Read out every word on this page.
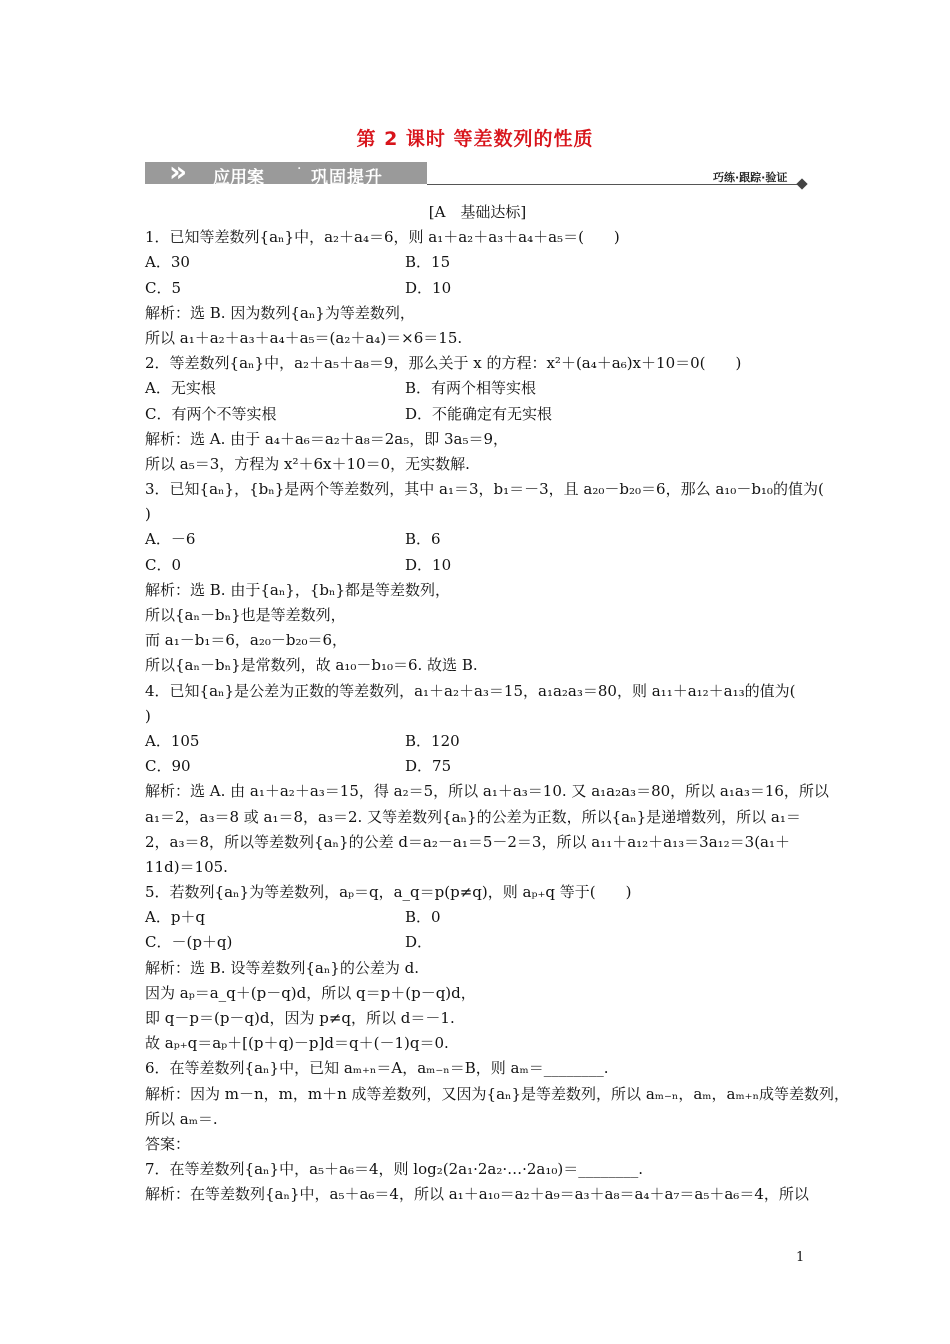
第 2 课时 等差数列的性质
» 应用案 · 巩固提升	巧练·跟踪·验证
[A　基础达标]
1．已知等差数列{aₙ}中，a₂＋a₄＝6，则 a₁＋a₂＋a₃＋a₄＋a₅＝(　　)
A．30	B．15
C．5	D．10
解析：选 B. 因为数列{aₙ}为等差数列，
所以 a₁＋a₂＋a₃＋a₄＋a₅＝(a₂＋a₄)＝×6＝15.
2．等差数列{aₙ}中，a₂＋a₅＋a₈＝9，那么关于 x 的方程：x²＋(a₄＋a₆)x＋10＝0(　　)
A．无实根	B．有两个相等实根
C．有两个不等实根	D．不能确定有无实根
解析：选 A. 由于 a₄＋a₆＝a₂＋a₈＝2a₅，即 3a₅＝9，
所以 a₅＝3，方程为 x²＋6x＋10＝0，无实数解.
3．已知{aₙ}，{bₙ}是两个等差数列，其中 a₁＝3，b₁＝－3，且 a₂₀－b₂₀＝6，那么 a₁₀－b₁₀的值为(
)
A．－6	B．6
C．0	D．10
解析：选 B. 由于{aₙ}，{bₙ}都是等差数列，
所以{aₙ－bₙ}也是等差数列，
而 a₁－b₁＝6，a₂₀－b₂₀＝6，
所以{aₙ－bₙ}是常数列，故 a₁₀－b₁₀＝6. 故选 B.
4．已知{aₙ}是公差为正数的等差数列，a₁＋a₂＋a₃＝15，a₁a₂a₃＝80，则 a₁₁＋a₁₂＋a₁₃的值为(
)
A．105	B．120
C．90	D．75
解析：选 A. 由 a₁＋a₂＋a₃＝15，得 a₂＝5，所以 a₁＋a₃＝10. 又 a₁a₂a₃＝80，所以 a₁a₃＝16，所以
a₁＝2，a₃＝8 或 a₁＝8，a₃＝2. 又等差数列{aₙ}的公差为正数，所以{aₙ}是递增数列，所以 a₁＝
2，a₃＝8，所以等差数列{aₙ}的公差 d＝a₂－a₁＝5－2＝3，所以 a₁₁＋a₁₂＋a₁₃＝3a₁₂＝3(a₁＋
11d)＝105.
5．若数列{aₙ}为等差数列，aₚ＝q，a_q＝p(p≠q)，则 aₚ₊q 等于(　　)
A．p＋q	B．0
C．－(p＋q)	D．
解析：选 B. 设等差数列{aₙ}的公差为 d.
因为 aₚ＝a_q＋(p－q)d，所以 q＝p＋(p－q)d，
即 q－p＝(p－q)d，因为 p≠q，所以 d＝－1.
故 aₚ₊q＝aₚ＋[(p＋q)－p]d＝q＋(－1)q＝0.
6．在等差数列{aₙ}中，已知 aₘ₊ₙ＝A，aₘ₋ₙ＝B，则 aₘ＝________.
解析：因为 m－n，m，m＋n 成等差数列，又因为{aₙ}是等差数列，所以 aₘ₋ₙ，aₘ，aₘ₊ₙ成等差数列，
所以 aₘ＝.
答案：
7．在等差数列{aₙ}中，a₅＋a₆＝4，则 log₂(2a₁·2a₂·…·2a₁₀)＝________.
解析：在等差数列{aₙ}中，a₅＋a₆＝4，所以 a₁＋a₁₀＝a₂＋a₉＝a₃＋a₈＝a₄＋a₇＝a₅＋a₆＝4，所以
1
